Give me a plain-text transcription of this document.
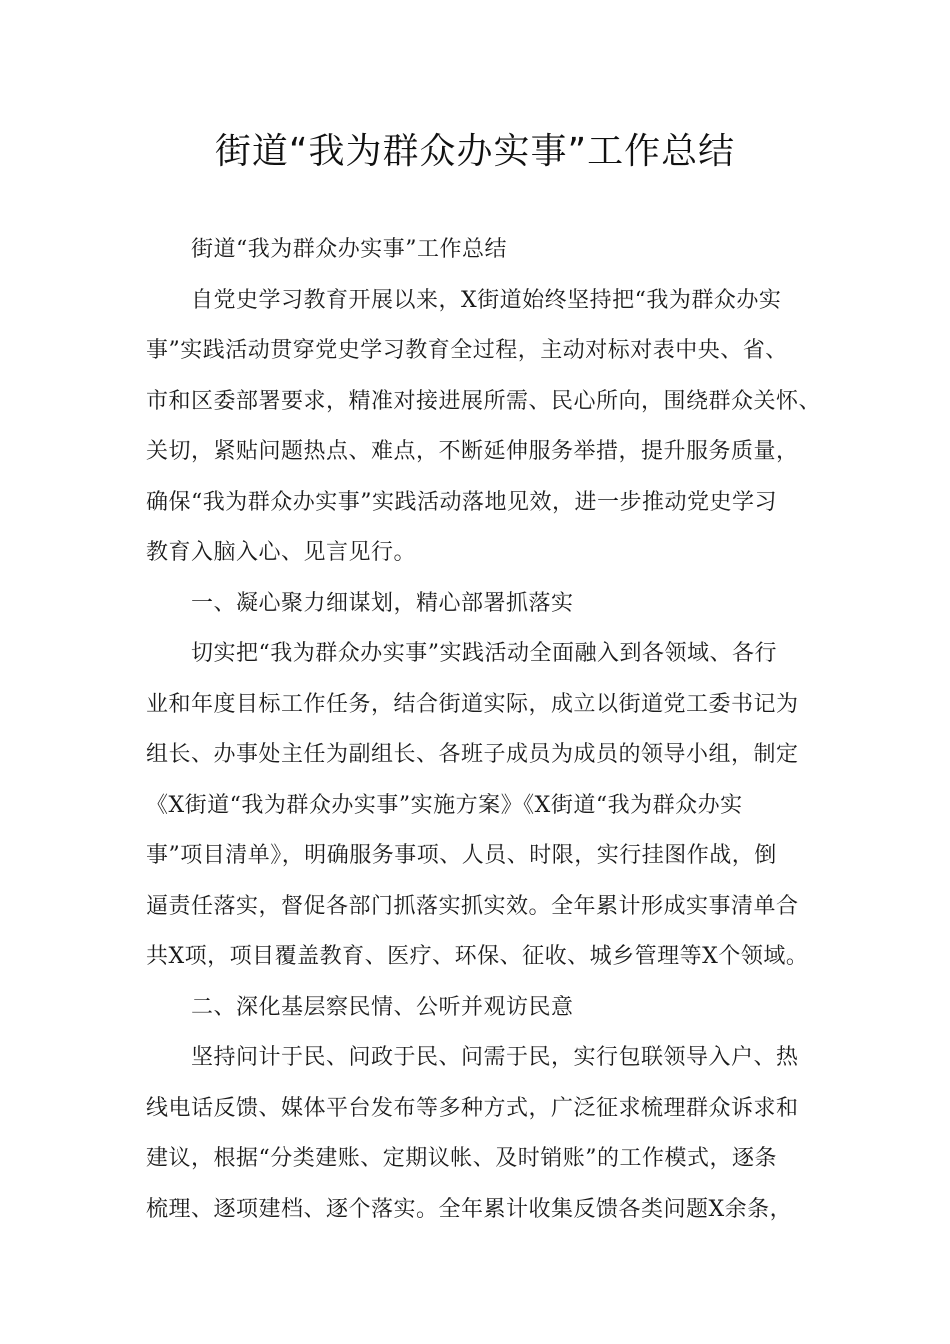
街道“我为群众办实事”工作总结
街道“我为群众办实事”工作总结
自党史学习教育开展以来，X街道始终坚持把“我为群众办实
事”实践活动贯穿党史学习教育全过程，主动对标对表中央、省、
市和区委部署要求，精准对接进展所需、民心所向，围绕群众关怀、
关切，紧贴问题热点、难点，不断延伸服务举措，提升服务质量，
确保“我为群众办实事”实践活动落地见效，进一步推动党史学习
教育入脑入心、见言见行。
一、凝心聚力细谋划，精心部署抓落实
切实把“我为群众办实事”实践活动全面融入到各领域、各行
业和年度目标工作任务，结合街道实际，成立以街道党工委书记为
组长、办事处主任为副组长、各班子成员为成员的领导小组，制定
《X街道“我为群众办实事”实施方案》《X街道“我为群众办实
事”项目清单》，明确服务事项、人员、时限，实行挂图作战，倒
逼责任落实，督促各部门抓落实抓实效。全年累计形成实事清单合
共X项，项目覆盖教育、医疗、环保、征收、城乡管理等X个领域。
二、深化基层察民情、公听并观访民意
坚持问计于民、问政于民、问需于民，实行包联领导入户、热
线电话反馈、媒体平台发布等多种方式，广泛征求梳理群众诉求和
建议，根据“分类建账、定期议帐、及时销账”的工作模式，逐条
梳理、逐项建档、逐个落实。全年累计收集反馈各类问题X余条，
